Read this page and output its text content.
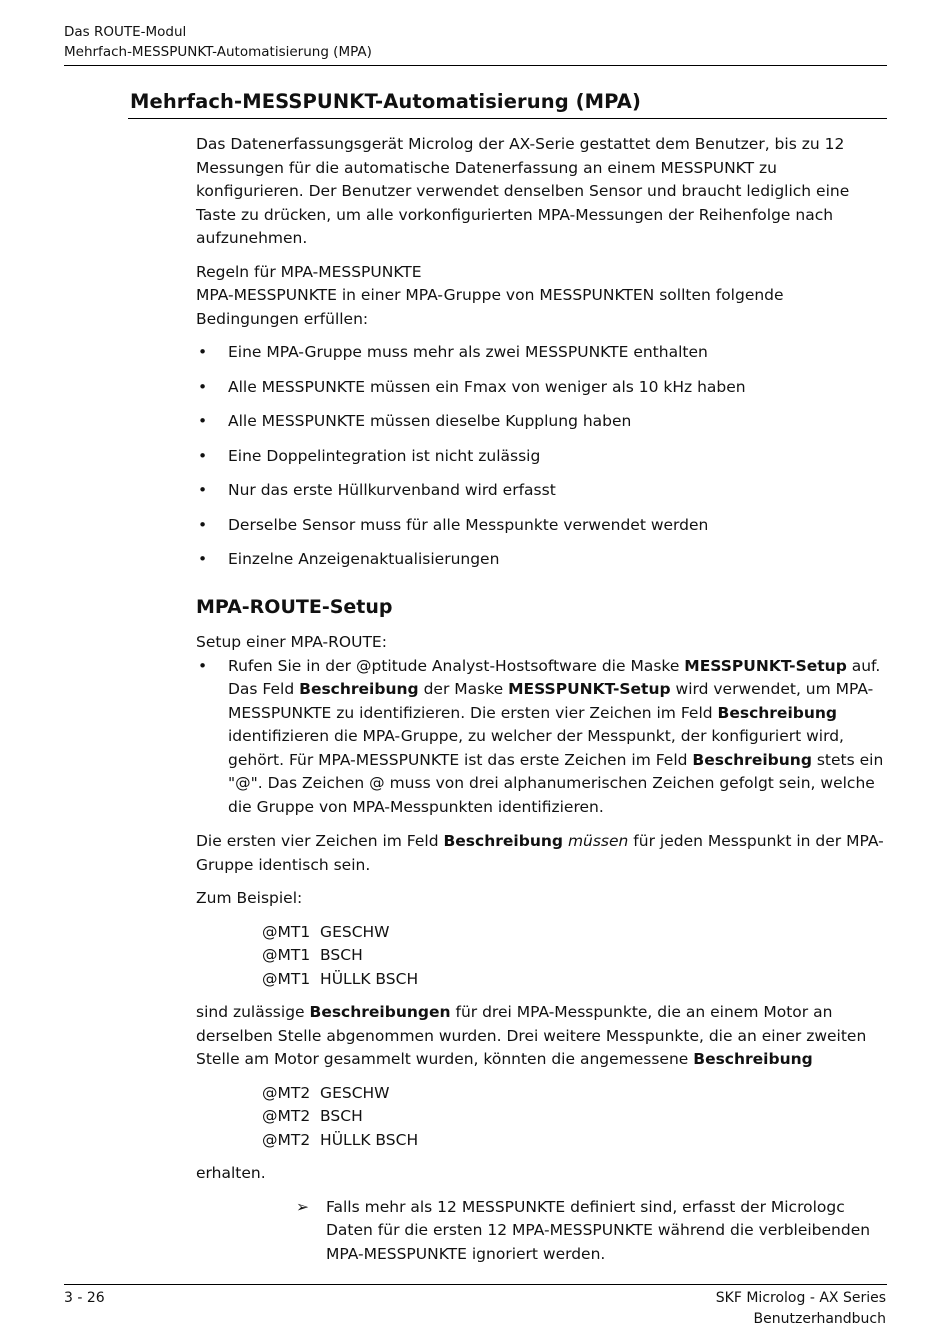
Das ROUTE-Modul
Mehrfach-MESSPUNKT-Automatisierung (MPA)
Mehrfach-MESSPUNKT-Automatisierung (MPA)

Das Datenerfassungsgerät Microlog der AX-Serie gestattet dem Benutzer, bis zu 12 Messungen für die automatische Datenerfassung an einem MESSPUNKT zu konfigurieren. Der Benutzer verwendet denselben Sensor und braucht lediglich eine Taste zu drücken, um alle vorkonfigurierten MPA-Messungen der Reihenfolge nach aufzunehmen.

Regeln für MPA-MESSPUNKTE

MPA-MESSPUNKTE in einer MPA-Gruppe von MESSPUNKTEN sollten folgende Bedingungen erfüllen:

• Eine MPA-Gruppe muss mehr als zwei MESSPUNKTE enthalten
• Alle MESSPUNKTE müssen ein Fmax von weniger als 10 kHz haben
• Alle MESSPUNKTE müssen dieselbe Kupplung haben
• Eine Doppelintegration ist nicht zulässig
• Nur das erste Hüllkurvenband wird erfasst
• Derselbe Sensor muss für alle Messpunkte verwendet werden
• Einzelne Anzeigenaktualisierungen
MPA-ROUTE-Setup

Setup einer MPA-ROUTE:

• Rufen Sie in der @ptitude Analyst-Hostsoftware die Maske MESSPUNKT-Setup auf. Das Feld Beschreibung der Maske MESSPUNKT-Setup wird verwendet, um MPA-MESSPUNKTE zu identifizieren. Die ersten vier Zeichen im Feld Beschreibung identifizieren die MPA-Gruppe, zu welcher der Messpunkt, der konfiguriert wird, gehört. Für MPA-MESSPUNKTE ist das erste Zeichen im Feld Beschreibung stets ein "@". Das Zeichen @ muss von drei alphanumerischen Zeichen gefolgt sein, welche die Gruppe von MPA-Messpunkten identifizieren.

Die ersten vier Zeichen im Feld Beschreibung müssen für jeden Messpunkt in der MPA-Gruppe identisch sein.

Zum Beispiel:

@MT1  GESCHW
@MT1  BSCH
@MT1  HÜLLK BSCH

sind zulässige Beschreibungen für drei MPA-Messpunkte, die an einem Motor an derselben Stelle abgenommen wurden. Drei weitere Messpunkte, die an einer zweiten Stelle am Motor gesammelt wurden, könnten die angemessene Beschreibung

@MT2  GESCHW
@MT2  BSCH
@MT2  HÜLLK BSCH

erhalten.

➢ Falls mehr als 12 MESSPUNKTE definiert sind, erfasst der Micrologc Daten für die ersten 12 MPA-MESSPUNKTE während die verbleibenden MPA-MESSPUNKTE ignoriert werden.
3 - 26	SKF Microlog - AX Series
Benutzerhandbuch
